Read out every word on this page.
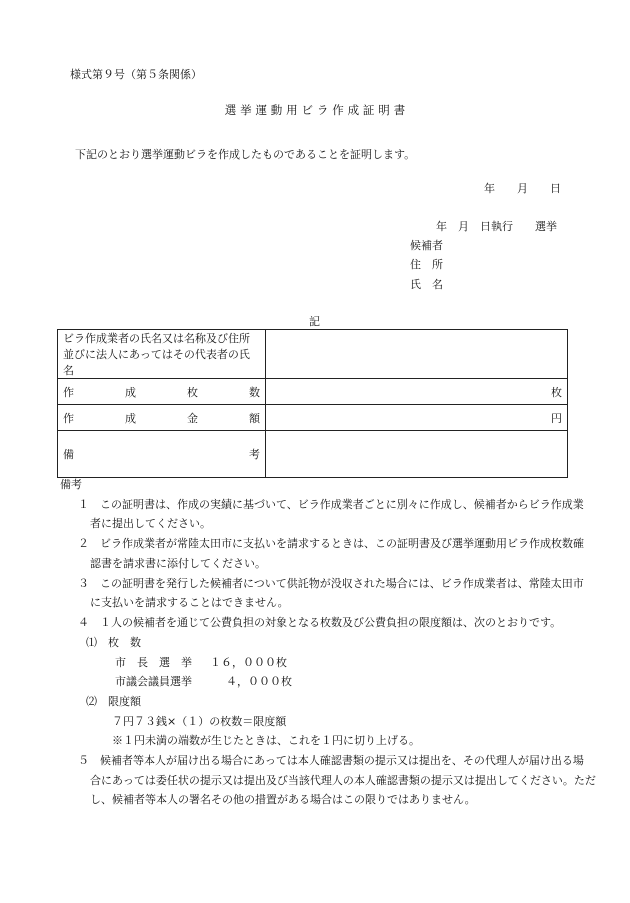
様式第９号（第５条関係）
選 挙 運 動 用 ビ ラ 作 成 証 明 書
下記のとおり選挙運動ビラを作成したものであることを証明します。
年 月 日
年　月　日執行　　選挙
候補者
住　所
氏　名
記
ビラ作成業者の氏名又は名称及び住所
並びに法人にあってはその代表者の氏名	

作 成 枚 数	枚

作 成 金 額	円

備 考	

備考
１　この証明書は、作成の実績に基づいて、ビラ作成業者ごとに別々に作成し、候補者からビラ作成業
者に提出してください。
２　ビラ作成業者が常陸太田市に支払いを請求するときは、この証明書及び選挙運動用ビラ作成枚数確
認書を請求書に添付してください。
３　この証明書を発行した候補者について供託物が没収された場合には、ビラ作成業者は、常陸太田市
に支払いを請求することはできません。
４　１人の候補者を通じて公費負担の対象となる枚数及び公費負担の限度額は、次のとおりです。
⑴　枚　数
市　長　選　挙 １６，０００枚
市議会議員選挙	４，０００枚
⑵　限度額
７円７３銭×（１）の枚数＝限度額
※１円未満の端数が生じたときは、これを１円に切り上げる。
５　候補者等本人が届け出る場合にあっては本人確認書類の提示又は提出を、その代理人が届け出る場
合にあっては委任状の提示又は提出及び当該代理人の本人確認書類の提示又は提出してください。ただ
し、候補者等本人の署名その他の措置がある場合はこの限りではありません。
